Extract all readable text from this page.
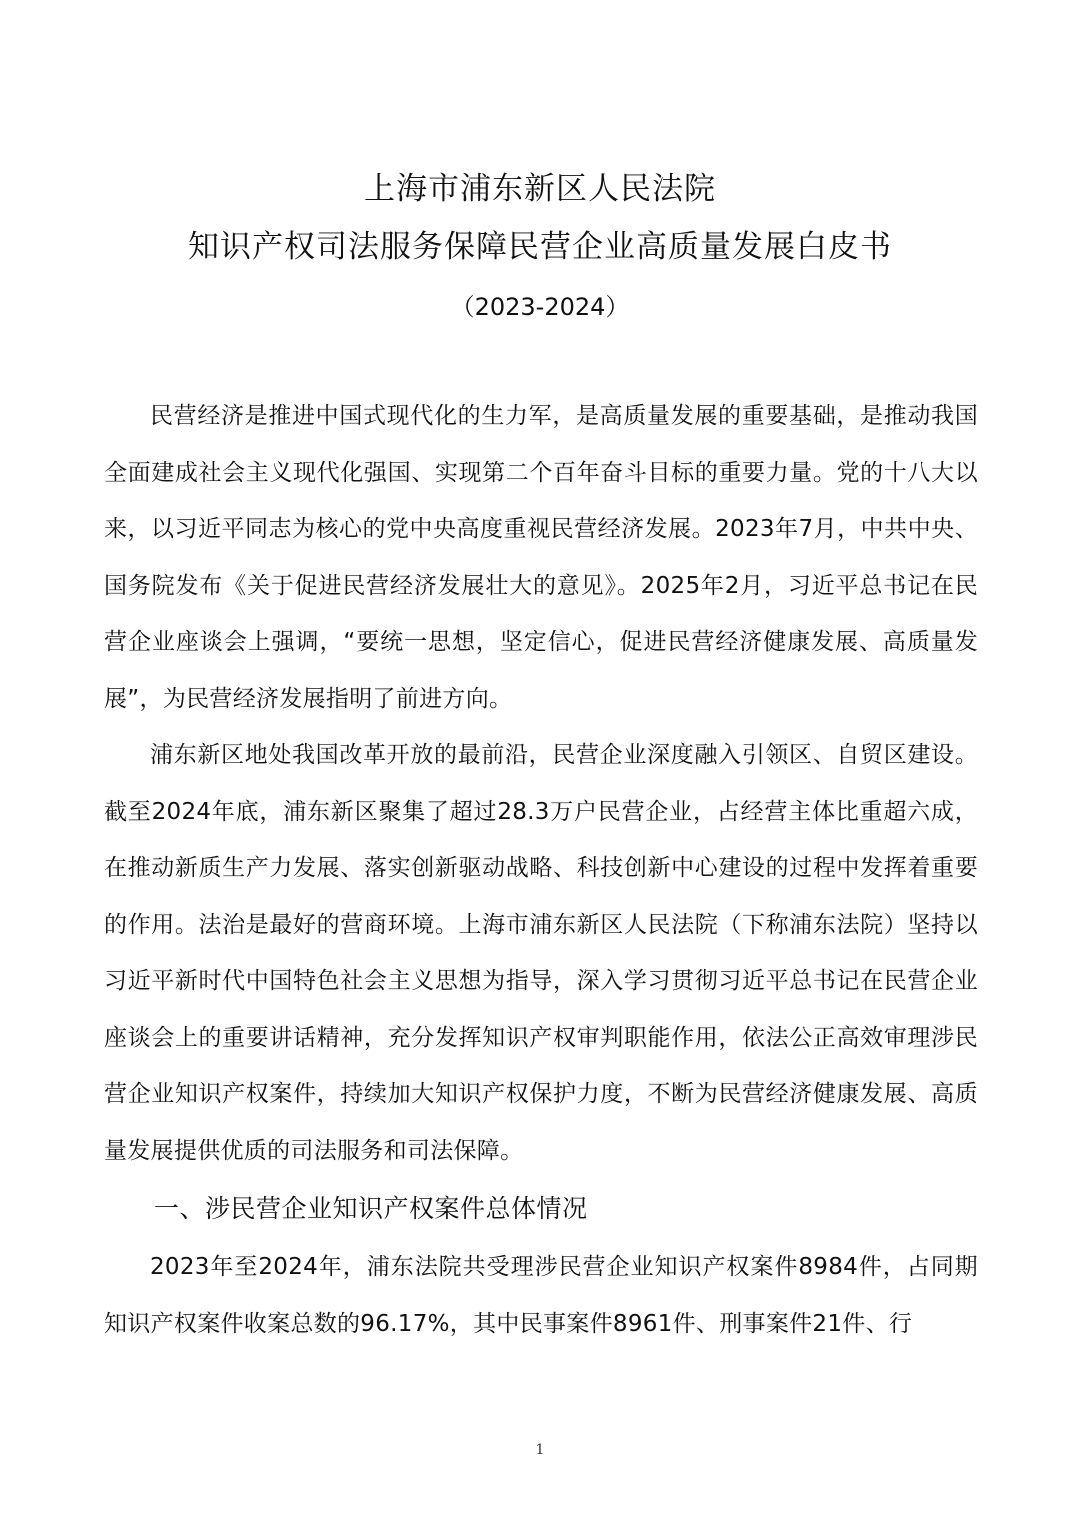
上海市浦东新区人民法院
知识产权司法服务保障民营企业高质量发展白皮书
（2023-2024）

民营经济是推进中国式现代化的生力军，是高质量发展的重要基础，是推动我国全面建成社会主义现代化强国、实现第二个百年奋斗目标的重要力量。党的十八大以来，以习近平同志为核心的党中央高度重视民营经济发展。2023年7月，中共中央、国务院发布《关于促进民营经济发展壮大的意见》。2025年2月，习近平总书记在民营企业座谈会上强调，“要统一思想，坚定信心，促进民营经济健康发展、高质量发展”，为民营经济发展指明了前进方向。

浦东新区地处我国改革开放的最前沿，民营企业深度融入引领区、自贸区建设。截至2024年底，浦东新区聚集了超过28.3万户民营企业，占经营主体比重超六成，在推动新质生产力发展、落实创新驱动战略、科技创新中心建设的过程中发挥着重要的作用。法治是最好的营商环境。上海市浦东新区人民法院（下称浦东法院）坚持以习近平新时代中国特色社会主义思想为指导，深入学习贯彻习近平总书记在民营企业座谈会上的重要讲话精神，充分发挥知识产权审判职能作用，依法公正高效审理涉民营企业知识产权案件，持续加大知识产权保护力度，不断为民营经济健康发展、高质量发展提供优质的司法服务和司法保障。

一、涉民营企业知识产权案件总体情况

2023年至2024年，浦东法院共受理涉民营企业知识产权案件8984件，占同期知识产权案件收案总数的96.17%，其中民事案件8961件、刑事案件21件、行

1
